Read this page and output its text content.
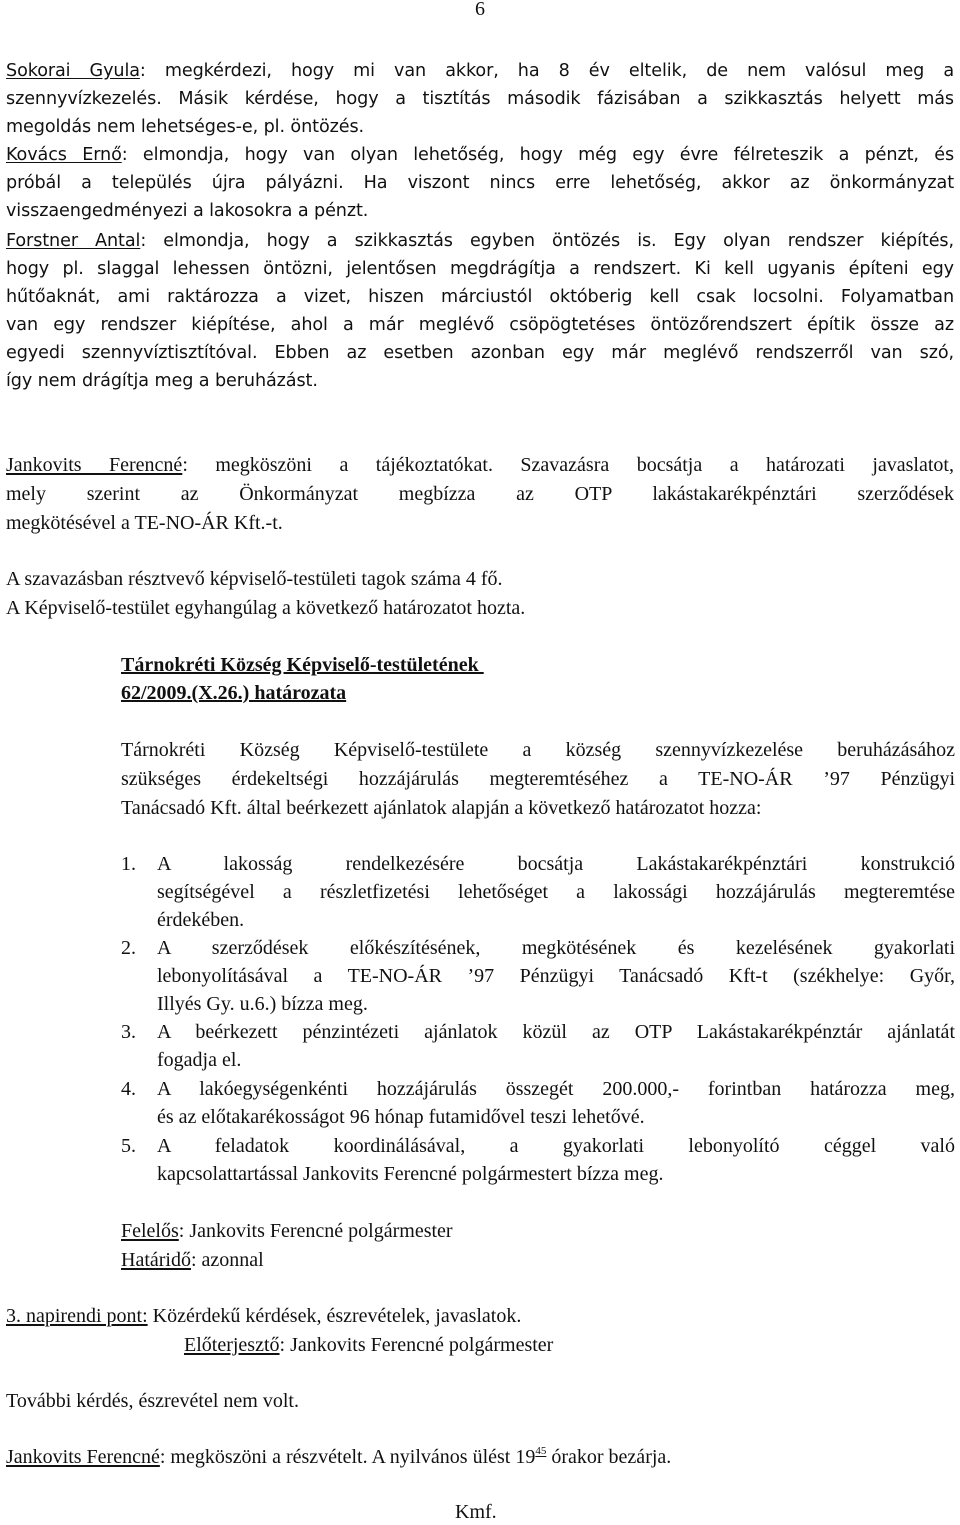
6
Sokorai Gyula: megkérdezi, hogy mi van akkor, ha 8 év eltelik, de nem valósul meg a
szennyvízkezelés. Másik kérdése, hogy a tisztítás második fázisában a szikkasztás helyett más
megoldás nem lehetséges-e, pl. öntözés.
Kovács Ernő: elmondja, hogy van olyan lehetőség, hogy még egy évre félreteszik a pénzt, és
próbál a település újra pályázni. Ha viszont nincs erre lehetőség, akkor az önkormányzat
visszaengedményezi a lakosokra a pénzt.
Forstner Antal: elmondja, hogy a szikkasztás egyben öntözés is. Egy olyan rendszer kiépítés,
hogy pl. slaggal lehessen öntözni, jelentősen megdrágítja a rendszert. Ki kell ugyanis építeni egy
hűtőaknát, ami raktározza a vizet, hiszen márciustól októberig kell csak locsolni. Folyamatban
van egy rendszer kiépítése, ahol a már meglévő csöpögtetéses öntözőrendszert építik össze az
egyedi szennyvíztisztítóval. Ebben az esetben azonban egy már meglévő rendszerről van szó,
így nem drágítja meg a beruházást.
Jankovits Ferencné: megköszöni a tájékoztatókat. Szavazásra bocsátja a határozati javaslatot,
mely szerint az Önkormányzat megbízza az OTP lakástakarékpénztári szerződések
megkötésével a TE-NO-ÁR Kft.-t.
A szavazásban résztvevő képviselő-testületi tagok száma 4 fő.
A Képviselő-testület egyhangúlag a következő határozatot hozta.
Tárnokréti Község Képviselő-testületének
62/2009.(X.26.) határozata
Tárnokréti Község Képviselő-testülete a község szennyvízkezelése beruházásához
szükséges érdekeltségi hozzájárulás megteremtéséhez a TE-NO-ÁR ’97 Pénzügyi
Tanácsadó Kft. által beérkezett ajánlatok alapján a következő határozatot hozza:
1. A lakosság rendelkezésére bocsátja Lakástakarékpénztári konstrukció
segítségével a részletfizetési lehetőséget a lakossági hozzájárulás megteremtése
érdekében.
2. A szerződések előkészítésének, megkötésének és kezelésének gyakorlati
lebonyolításával a TE-NO-ÁR ’97 Pénzügyi Tanácsadó Kft-t (székhelye: Győr,
Illyés Gy. u.6.) bízza meg.
3. A beérkezett pénzintézeti ajánlatok közül az OTP Lakástakarékpénztár ajánlatát
fogadja el.
4. A lakóegységenkénti hozzájárulás összegét 200.000,- forintban határozza meg,
és az előtakarékosságot 96 hónap futamidővel teszi lehetővé.
5. A feladatok koordinálásával, a gyakorlati lebonyolító céggel való
kapcsolattartással Jankovits Ferencné polgármestert bízza meg.
Felelős: Jankovits Ferencné polgármester
Határidő: azonnal
3. napirendi pont: Közérdekű kérdések, észrevételek, javaslatok.
Előterjesztő: Jankovits Ferencné polgármester
További kérdés, észrevétel nem volt.
Jankovits Ferencné: megköszöni a részvételt. A nyilvános ülést $19^{45}$ órakor bezárja.
Kmf.
